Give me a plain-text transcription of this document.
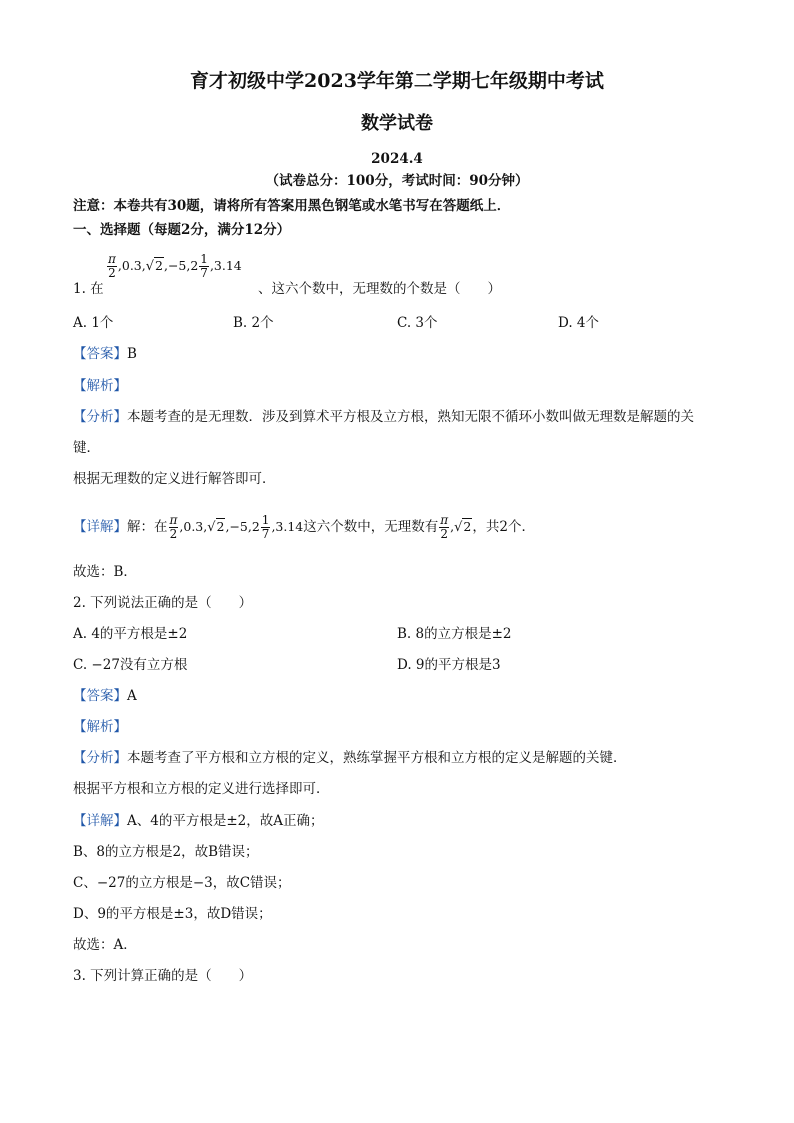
育才初级中学2023学年第二学期七年级期中考试
数学试卷
2024.4
（试卷总分：100分，考试时间：90分钟）
注意：本卷共有30题，请将所有答案用黑色钢笔或水笔书写在答题纸上．
一、选择题（每题2分，满分12分）
$\frac{\pi}{2} ,0.3,√2,-5,2 \frac{1}{7} ,3.14$
1. 在	、这六个数中，无理数的个数是（　　）
A. 1个	B. 2个	C. 3个	D. 4个
【答案】B
【解析】
【分析】本题考查的是无理数．涉及到算术平方根及立方根，熟知无限不循环小数叫做无理数是解题的关
键．
根据无理数的定义进行解答即可．
【详解】解：在 $\frac{\pi}{2} ,0.3,√2,-5,2 \frac{1}{7} ,3.14$这六个数中，无理数有 $\frac{\pi}{2} ,√2$，共2个．
故选：B．
2. 下列说法正确的是（　　）
A. 4的平方根是±2	B. 8的立方根是±2
C. −27没有立方根	D. 9的平方根是3
【答案】A
【解析】
【分析】本题考查了平方根和立方根的定义，熟练掌握平方根和立方根的定义是解题的关键．
根据平方根和立方根的定义进行选择即可．
【详解】A、4的平方根是±2，故A正确；
B、8的立方根是2，故B错误；
C、−27的立方根是−3，故C错误；
D、9的平方根是±3，故D错误；
故选：A．
3. 下列计算正确的是（　　）
